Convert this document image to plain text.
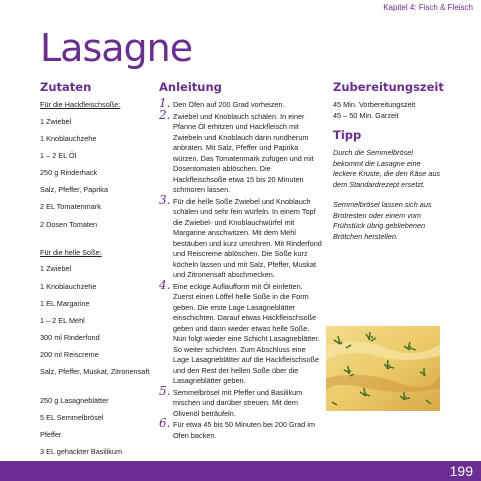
Kapitel 4: Fisch & Fleisch
Lasagne
Zutaten
Für die Hackfleischsoße:
1 Zwiebel
1 Knoblauchzehe
1 – 2 EL Öl
250 g Rinderhack
Salz, Pfeffer, Paprika
2 EL Tomatenmark
2 Dosen Tomaten
Für die helle Soße:
1 Zwiebel
1 Knoblauchzehe
1 EL Margarine
1 – 2 EL Mehl
300 ml Rinderfond
200 ml Reiscreme
Salz, Pfeffer, Muskat, Zitronensaft
250 g Lasagneblätter
5 EL Semmelbrösel
Pfeffer
3 EL gehackter Basilikum
Anleitung
1. Den Ofen auf 200 Grad vorheizen.
2. Zwiebel und Knoblauch schälen. In einer Pfanne Öl erhitzen und Hackfleisch mit Zwiebeln und Knoblauch darin rundherum anbraten. Mit Salz, Pfeffer und Paprika würzen. Das Tomatenmark zufügen und mit Dosentomaten ablöschen. Die Hackfleischsoße etwa 15 bis 20 Minuten schmoren lassen.
3. Für die helle Soße Zwiebel und Knoblauch schälen und sehr fein würfeln. In einem Topf die Zwiebel- und Knoblauchwürfel mit Margarine anschwitzen. Mit dem Mehl bestäuben und kurz umrühren. Mit Rinderfond und Reiscreme ablöschen. Die Soße kurz köcheln lassen und mit Salz, Pfeffer, Muskat und Zitronensaft abschmecken.
4. Eine eckige Auflaufform mit Öl einfetten. Zuerst einen Löffel helle Soße in die Form geben. Die erste Lage Lasagneblätter einschichten. Darauf etwas Hackfleischsoße geben und dann wieder etwas helle Soße. Nun folgt wieder eine Schicht Lasagneblätter. So weiter schichten. Zum Abschluss eine Lage Lasagneblätter auf die Hackfleischsoße und den Rest der hellen Soße über die Lasagneblätter geben.
5. Semmelbrösel mit Pfeffer und Basilikum mischen und darüber streuen. Mit dem Olivenöl beträufeln.
6. Für etwa 45 bis 50 Minuten bei 200 Grad im Ofen backen.
Zubereitungszeit

45 Min. Vorbereitungszeit

45 – 50 Min. Garzeit

Tipp

Durch die Semmelbrösel bekommt die Lasagne eine leckere Kruste, die den Käse aus dem Standardrezept ersetzt.

Semmelbrösel lassen sich aus Brotresten oder einem vom Frühstück übrig gebliebenen Brötchen herstellen.

199
